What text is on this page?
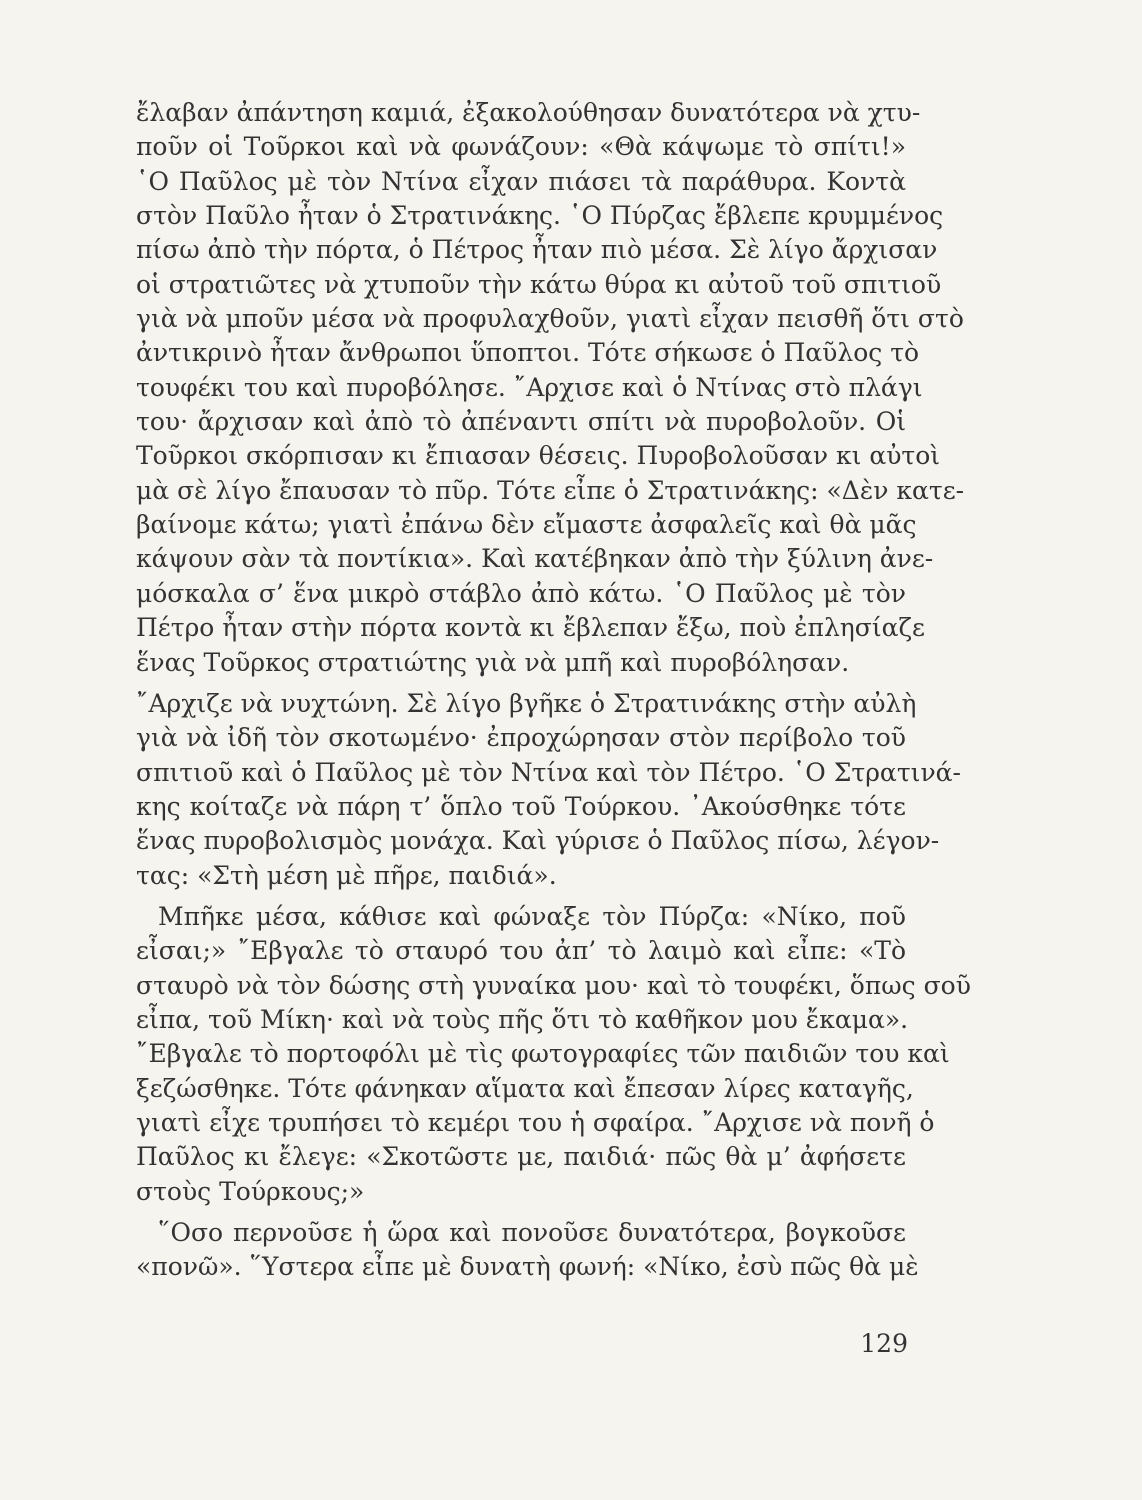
ἔλαβαν ἀπάντηση καμιά, ἐξακολούθησαν δυνατότερα νὰ χτυ-
ποῦν οἱ Τοῦρκοι καὶ νὰ φωνάζουν: «Θὰ κάψωμε τὸ σπίτι!»
῾Ο Παῦλος μὲ τὸν Ντίνα εἶχαν πιάσει τὰ παράθυρα. Κοντὰ
στὸν Παῦλο ἦταν ὁ Στρατινάκης. ῾Ο Πύρζας ἔβλεπε κρυμμένος
πίσω ἀπὸ τὴν πόρτα, ὁ Πέτρος ἦταν πιὸ μέσα. Σὲ λίγο ἄρχισαν
οἱ στρατιῶτες νὰ χτυποῦν τὴν κάτω θύρα κι αὐτοῦ τοῦ σπιτιοῦ
γιὰ νὰ μποῦν μέσα νὰ προφυλαχθοῦν, γιατὶ εἶχαν πεισθῆ ὅτι στὸ
ἀντικρινὸ ἦταν ἄνθρωποι ὕποπτοι. Τότε σήκωσε ὁ Παῦλος τὸ
τουφέκι του καὶ πυροβόλησε. ῎Αρχισε καὶ ὁ Ντίνας στὸ πλάγι
του· ἄρχισαν καὶ ἀπὸ τὸ ἀπέναντι σπίτι νὰ πυροβολοῦν. Οἱ
Τοῦρκοι σκόρπισαν κι ἔπιασαν θέσεις. Πυροβολοῦσαν κι αὐτοὶ
μὰ σὲ λίγο ἔπαυσαν τὸ πῦρ. Τότε εἶπε ὁ Στρατινάκης: «Δὲν κατε-
βαίνομε κάτω; γιατὶ ἐπάνω δὲν εἴμαστε ἀσφαλεῖς καὶ θὰ μᾶς
κάψουν σὰν τὰ ποντίκια». Καὶ κατέβηκαν ἀπὸ τὴν ξύλινη ἀνε-
μόσκαλα σ’ ἕνα μικρὸ στάβλο ἀπὸ κάτω. ῾Ο Παῦλος μὲ τὸν
Πέτρο ἦταν στὴν πόρτα κοντὰ κι ἔβλεπαν ἔξω, ποὺ ἐπλησίαζε
ἕνας Τοῦρκος στρατιώτης γιὰ νὰ μπῆ καὶ πυροβόλησαν.
῎Αρχιζε νὰ νυχτώνη. Σὲ λίγο βγῆκε ὁ Στρατινάκης στὴν αὐλὴ
γιὰ νὰ ἰδῆ τὸν σκοτωμένο· ἐπροχώρησαν στὸν περίβολο τοῦ
σπιτιοῦ καὶ ὁ Παῦλος μὲ τὸν Ντίνα καὶ τὸν Πέτρο. ῾Ο Στρατινά-
κης κοίταζε νὰ πάρη τ’ ὅπλο τοῦ Τούρκου. ᾿Ακούσθηκε τότε
ἕνας πυροβολισμὸς μονάχα. Καὶ γύρισε ὁ Παῦλος πίσω, λέγον-
τας: «Στὴ μέση μὲ πῆρε, παιδιά».
Μπῆκε μέσα, κάθισε καὶ φώναξε τὸν Πύρζα: «Νίκο, ποῦ
εἶσαι;» ῎Εβγαλε τὸ σταυρό του ἀπ’ τὸ λαιμὸ καὶ εἶπε: «Τὸ
σταυρὸ νὰ τὸν δώσης στὴ γυναίκα μου· καὶ τὸ τουφέκι, ὅπως σοῦ
εἶπα, τοῦ Μίκη· καὶ νὰ τοὺς πῆς ὅτι τὸ καθῆκον μου ἔκαμα».
῎Εβγαλε τὸ πορτοφόλι μὲ τὶς φωτογραφίες τῶν παιδιῶν του καὶ
ξεζώσθηκε. Τότε φάνηκαν αἵματα καὶ ἔπεσαν λίρες καταγῆς,
γιατὶ εἶχε τρυπήσει τὸ κεμέρι του ἡ σφαίρα. ῎Αρχισε νὰ πονῆ ὁ
Παῦλος κι ἔλεγε: «Σκοτῶστε με, παιδιά· πῶς θὰ μ’ ἀφήσετε
στοὺς Τούρκους;»
῞Οσο περνοῦσε ἡ ὥρα καὶ πονοῦσε δυνατότερα, βογκοῦσε
«πονῶ». ῞Υστερα εἶπε μὲ δυνατὴ φωνή: «Νίκο, ἐσὺ πῶς θὰ μὲ
129
